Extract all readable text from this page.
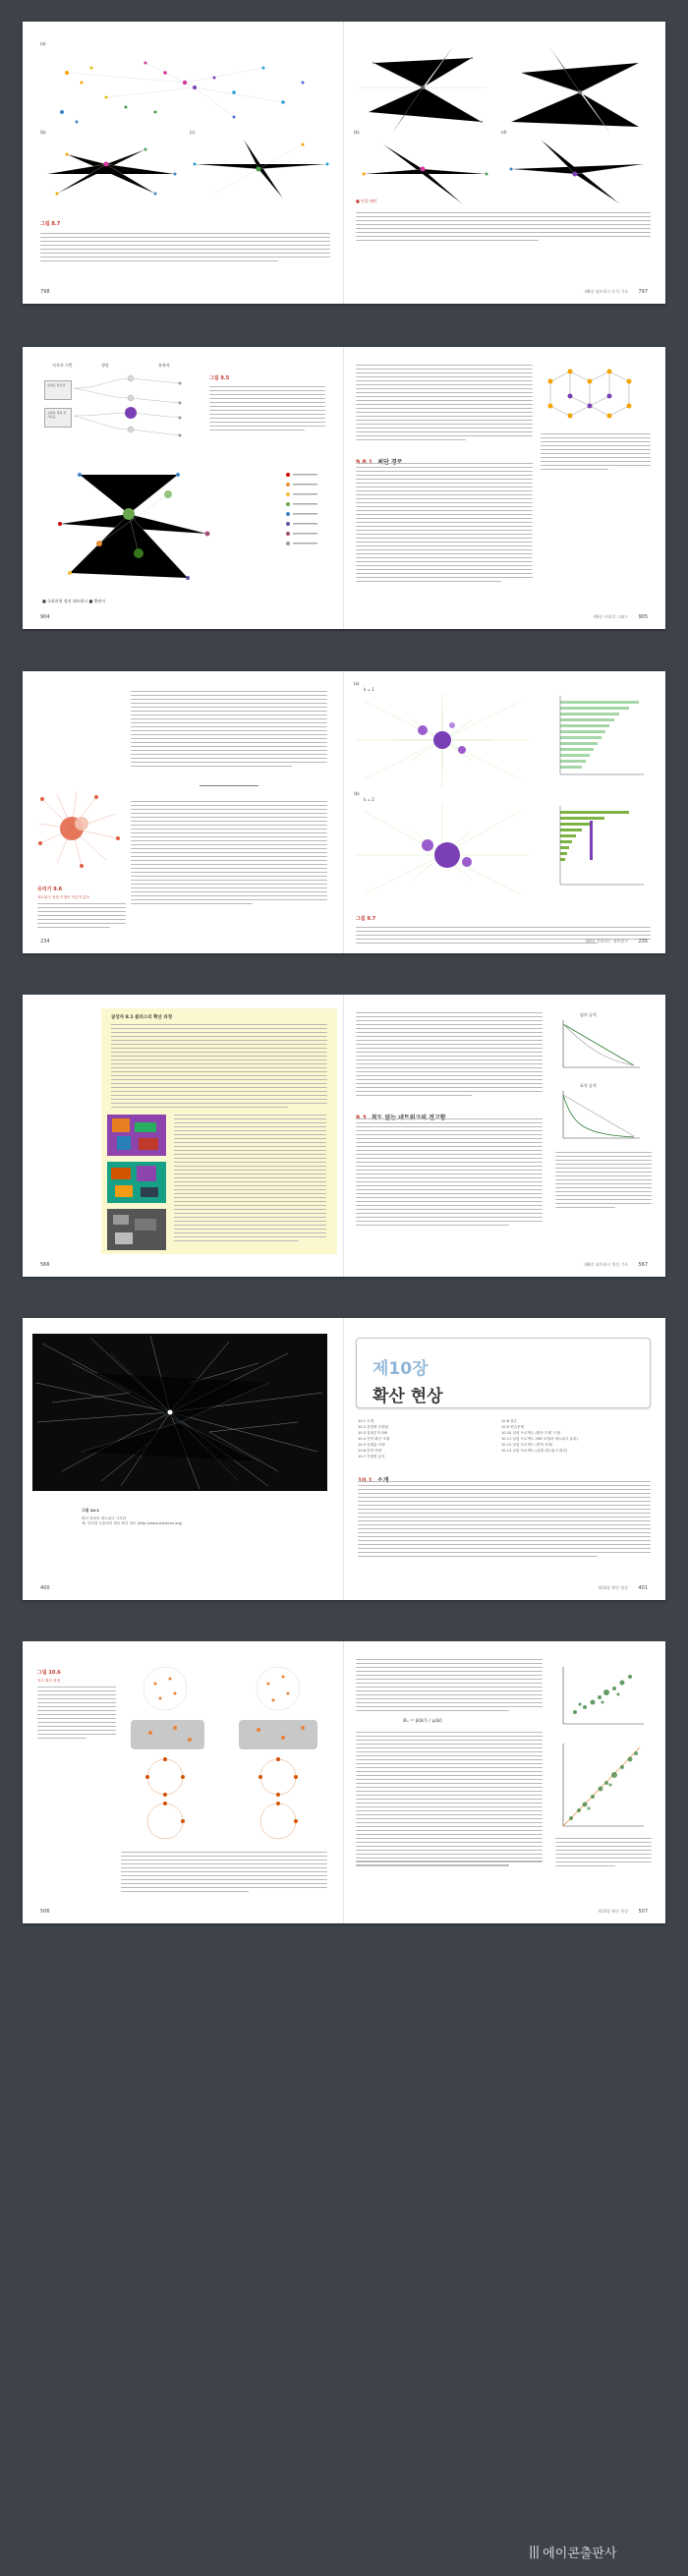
(a)
(b)	(c)
그림 8.7
798
(b)	(d)
■ 연결 패턴
제8장 네트워크 분석 기초 797
지지자 기반	정당	유권자
당대표 자민당
공화당 정치 선거운동
그림 9.5
■ 국회의원 정치 네트워크 ■ 출판사
904	제9장 사회적 그래프 905
유리기 9.6
네트워크 성장 모형의 이론적 분포
234
(a)
k = 1
(b)
k = 2
그림 9.7
제9장 진화하는 네트워크 235
글상자 8.1 클러스터 확산 과정
566
임의 공격
표적 공격
제8장 네트워크 생성 기초 567
그림 10.1
확산 과정의 네트워크 시각화
예: 인터넷 사용자의 정보 확산 경로 (http://www.wikiscan.org)
400
제10장
확산 현상
10.1 소개
10.2 전염병 모델링
10.3 결정론적 SIR
10.4 전역 확산 모델
10.5 임계값 모델
10.6 면역 전략
10.7 전염병 분석
10.8 결론
10.9 연습문제
10.10 실험 프로젝트 (확산 모델 구현)
10.11 실험 프로젝트 (SIR 모델과 네트워크 효과)
10.12 실험 프로젝트 (면역 전략)
10.13 실험 프로젝트 (실제 네트워크 확산)
제10장 확산 현상 401
그림 10.6
지도 확산 과정
506
Rₒ = β⟨k²⟩ / μ⟨k⟩
제10장 확산 현상 507
||| 에이콘출판사
